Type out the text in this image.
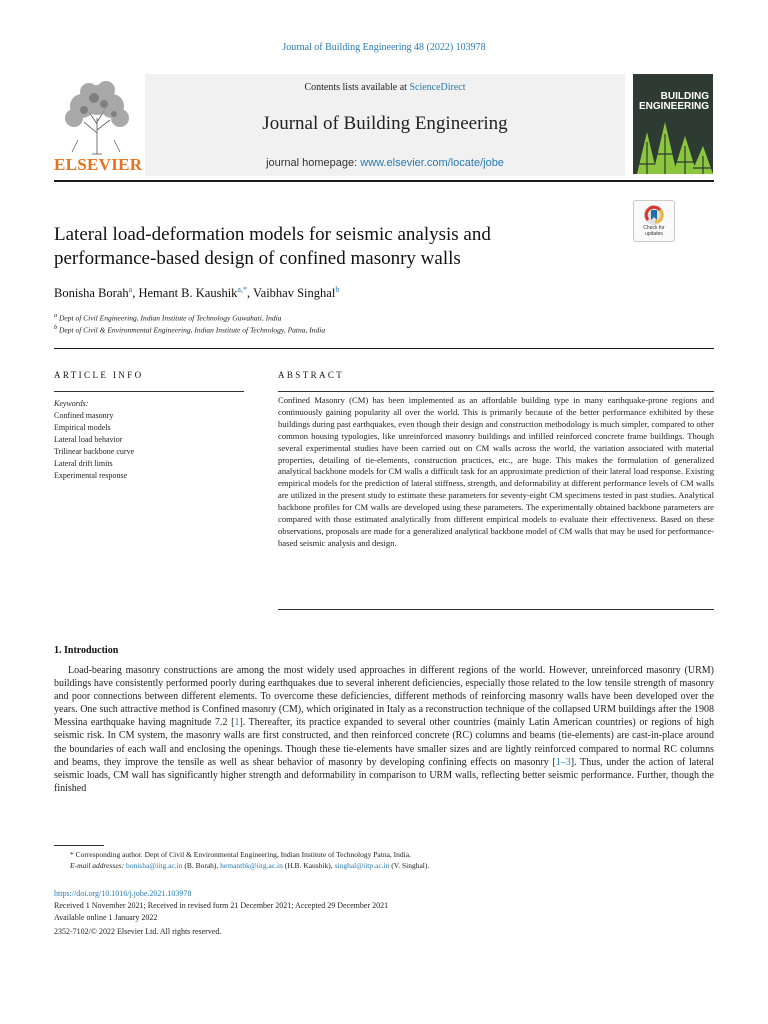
Journal of Building Engineering 48 (2022) 103978
ELSEVIER
Contents lists available at ScienceDirect
Journal of Building Engineering
journal homepage: www.elsevier.com/locate/jobe
BUILDING
ENGINEERING
Check for
updates
Lateral load-deformation models for seismic analysis and
performance-based design of confined masonry walls
Bonisha Borah$^a$, Hemant B. Kaushik$^{a,*}$, Vaibhav Singhal$^b$
$^a$ Dept of Civil Engineering, Indian Institute of Technology Guwahati, India
$^b$ Dept of Civil & Environmental Engineering, Indian Institute of Technology, Patna, India
ARTICLE INFO
Keywords:
Confined masonry
Empirical models
Lateral load behavior
Trilinear backbone curve
Lateral drift limits
Experimental response
ABSTRACT
Confined Masonry (CM) has been implemented as an affordable building type in many earthquake-prone regions and continuously gaining popularity all over the world. This is primarily because of the better performance exhibited by these buildings during past earthquakes, even though their design and construction methodology is much simpler, compared to other common housing typologies, like unreinforced masonry buildings and infilled reinforced concrete frame buildings. Though several experimental studies have been carried out on CM walls across the world, the variation associated with material properties, detailing of tie-elements, construction practices, etc., are huge. This makes the formulation of generalized analytical backbone models for CM walls a difficult task for an approximate prediction of their lateral load response. Existing empirical models for the prediction of lateral stiffness, strength, and deformability at different performance levels of CM walls are utilized in the present study to estimate these parameters for seventy-eight CM specimens tested in past studies. Analytical backbone profiles for CM walls are developed using these parameters. The experimentally obtained backbone parameters are compared with those estimated analytically from different empirical models to evaluate their effectiveness. Based on these observations, proposals are made for a generalized analytical backbone model of CM walls that may be used for performance-based seismic analysis and design.
1. Introduction
Load-bearing masonry constructions are among the most widely used approaches in different regions of the world. However, unreinforced masonry (URM) buildings have consistently performed poorly during earthquakes due to several inherent deficiencies, especially those related to the low tensile strength of masonry and poor connections between different elements. To overcome these deficiencies, different methods of reinforcing masonry walls have been developed over the years. One such attractive method is Confined masonry (CM), which originated in Italy as a reconstruction technique of the collapsed URM buildings after the 1908 Messina earthquake having magnitude 7.2 [1]. Thereafter, its practice expanded to several other countries (mainly Latin American countries) or regions of high seismic risk. In CM system, the masonry walls are first constructed, and then reinforced concrete (RC) columns and beams (tie-elements) are cast-in-place around the boundaries of each wall and enclosing the openings. Though these tie-elements have smaller sizes and are lightly reinforced compared to normal RC columns and beams, they improve the tensile as well as shear behavior of masonry by developing confining effects on masonry [1–3]. Thus, under the action of lateral seismic loads, CM wall has significantly higher strength and deformability in comparison to URM walls, reflecting better seismic performance. Further, though the finished
* Corresponding author. Dept of Civil & Environmental Engineering, Indian Institute of Technology Patna, India.
E-mail addresses: bonisha@iitg.ac.in (B. Borah), hemantbk@iitg.ac.in (H.B. Kaushik), singhal@iitp.ac.in (V. Singhal).
https://doi.org/10.1016/j.jobe.2021.103978
Received 1 November 2021; Received in revised form 21 December 2021; Accepted 29 December 2021
Available online 1 January 2022
2352-7102/© 2022 Elsevier Ltd. All rights reserved.
